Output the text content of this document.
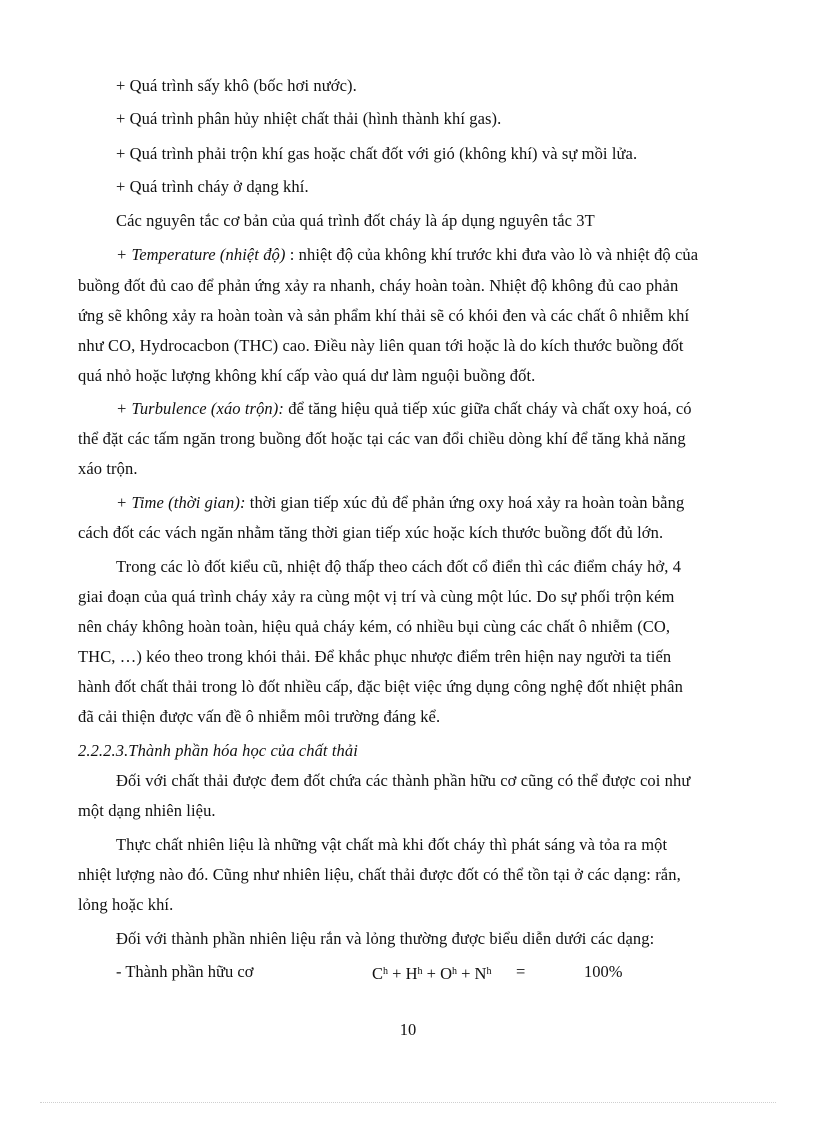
+ Quá trình sấy khô (bốc hơi nước).
+ Quá trình phân hủy nhiệt chất thải (hình thành khí gas).
+ Quá trình phải trộn khí gas hoặc chất đốt với gió (không khí) và sự mồi lửa.
+ Quá trình cháy ở dạng khí.
Các nguyên tắc cơ bản của quá trình đốt cháy là áp dụng nguyên tắc 3T
+ Temperature (nhiệt độ) : nhiệt độ của không khí trước khi đưa vào lò và nhiệt độ của
buồng đốt đủ cao để phản ứng xảy ra nhanh, cháy hoàn toàn. Nhiệt độ không đủ cao phản
ứng sẽ không xảy ra hoàn toàn và sản phẩm khí thải sẽ có khói đen và các chất ô nhiễm khí
như CO, Hydrocacbon (THC) cao. Điều này liên quan tới hoặc là do kích thước buồng đốt
quá nhỏ hoặc lượng không khí cấp vào quá dư làm nguội buồng đốt.
+ Turbulence (xáo trộn): để tăng hiệu quả tiếp xúc giữa chất cháy và chất oxy hoá, có
thể đặt các tấm ngăn trong buồng đốt hoặc tại các van đổi chiều dòng khí để tăng khả năng
xáo trộn.
+ Time (thời gian): thời gian tiếp xúc đủ để phản ứng oxy hoá xảy ra hoàn toàn bằng
cách đốt các vách ngăn nhằm tăng thời gian tiếp xúc hoặc kích thước buồng đốt đủ lớn.
Trong các lò đốt kiểu cũ, nhiệt độ thấp theo cách đốt cổ điển thì các điểm cháy hở, 4
giai đoạn của quá trình cháy xảy ra cùng một vị trí và cùng một lúc. Do sự phối trộn kém
nên cháy không hoàn toàn, hiệu quả cháy kém, có nhiều bụi cùng các chất ô nhiễm (CO,
THC, …) kéo theo trong khói thải. Để khắc phục nhược điểm trên hiện nay người ta tiến
hành đốt chất thải trong lò đốt nhiều cấp, đặc biệt việc ứng dụng công nghệ đốt nhiệt phân
đã cải thiện được vấn đề ô nhiễm môi trường đáng kể.
2.2.2.3.Thành phần hóa học của chất thải
Đối với chất thải được đem đốt chứa các thành phần hữu cơ cũng có thể được coi như
một dạng nhiên liệu.
Thực chất nhiên liệu là những vật chất mà khi đốt cháy thì phát sáng và tỏa ra một
nhiệt lượng nào đó. Cũng như nhiên liệu, chất thải được đốt có thể tồn tại ở các dạng: rắn,
lỏng hoặc khí.
Đối với thành phần nhiên liệu rắn và lỏng thường được biểu diễn dưới các dạng:
- Thành phần hữu cơ	$C^h + H^h + O^h + N^h$ =	100%
10
